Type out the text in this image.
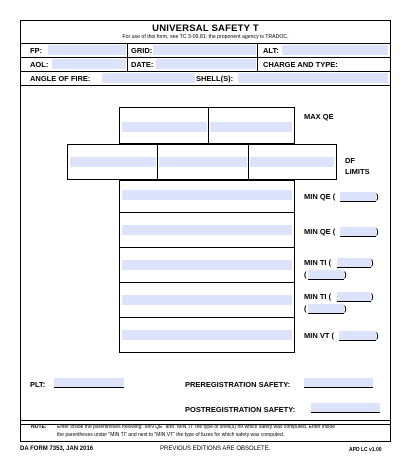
UNIVERSAL SAFETY T
For use of this form, see TC 3-09.81; the proponent agency is TRADOC.
FP:	GRID:	ALT:
AOL:	DATE:	CHARGE AND TYPE:
ANGLE OF FIRE:	SHELL(S):
MAX QE
DF
LIMITS
MIN QE (	)
MIN QE (	)
MIN TI (	)
(	)
MIN TI (	)
(	)
MIN VT (	)
PLT:	PREREGISTRATION SAFETY:
POSTREGISTRATION SAFETY:
NOTE: Enter inside the parentheses following "MIN QE" and "MIN TI" the type of shell(s) for which safety was computed. Enter inside
the parentheses under "MIN TI" and next to "MIN VT" the type of fuzes for which safety was computed.
DA FORM 7353, JAN 2016	PREVIOUS EDITIONS ARE OBSOLETE.	APD LC v1.00
